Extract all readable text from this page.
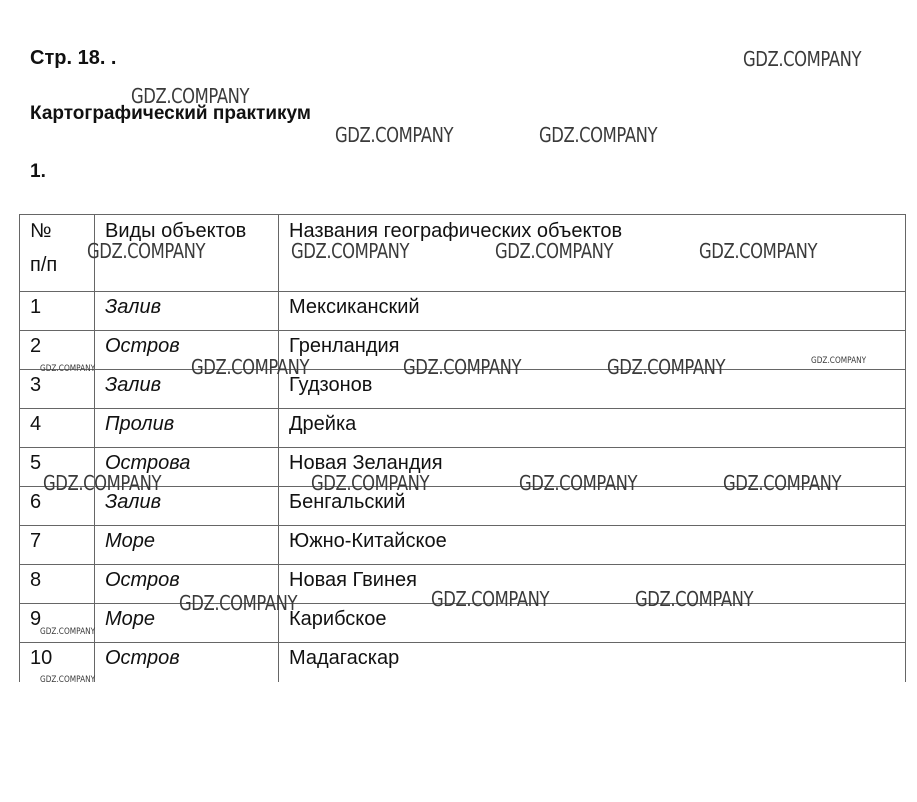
Стр. 18. .
Картографический практикум
1.
№
п/п	Виды объектов	Названия географических объектов
1	Залив	Мексиканский
2	Остров	Гренландия
3	Залив	Гудзонов
4	Пролив	Дрейка
5	Острова	Новая Зеландия
6	Залив	Бенгальский
7	Море	Южно-Китайское
8	Остров	Новая Гвинея
9	Море	Карибское
10	Остров	Мадагаскар
GDZ.COMPANY
GDZ.COMPANY
GDZ.COMPANY	GDZ.COMPANY
GDZ.COMPANY	GDZ.COMPANY	GDZ.COMPANY	GDZ.COMPANY
GDZ.COMPANY	GDZ.COMPANY	GDZ.COMPANY	GDZ.COMPANY	GDZ.COMPANY
GDZ.COMPANY	GDZ.COMPANY	GDZ.COMPANY	GDZ.COMPANY
GDZ.COMPANY	GDZ.COMPANY	GDZ.COMPANY
GDZ.COMPANY
GDZ.COMPANY
